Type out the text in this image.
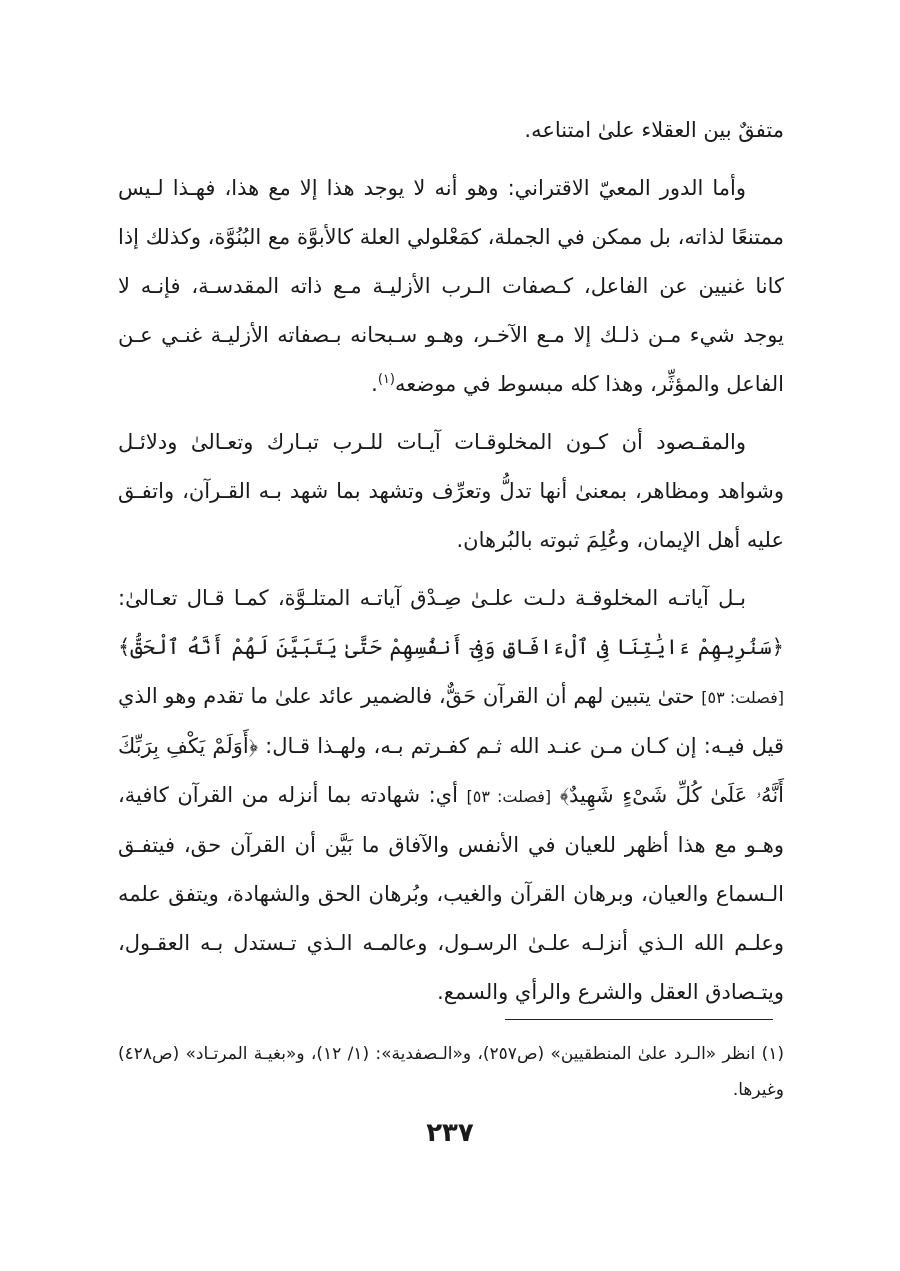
متفقٌ بين العقلاء علىٰ امتناعه.

وأما الدور المعيّ الاقتراني: وهو أنه لا يوجد هذا إلا مع هذا، فهـذا لـيس ممتنعًا لذاته، بل ممكن في الجملة، كمَعْلولي العلة كالأبوَّة مع البُنُوَّة، وكذلك إذا كانا غنيين عن الفاعل، كـصفات الـرب الأزليـة مـع ذاته المقدسـة، فإنـه لا يوجد شيء مـن ذلـك إلا مـع الآخـر، وهـو سـبحانه بـصفاته الأزليـة غنـي عـن الفاعل والمؤثِّر، وهذا كله مبسوط في موضعه$^{(١)}$.

والمقـصود أن كـون المخلوقـات آيـات للـرب تبـارك وتعـالىٰ ودلائـل وشواهد ومظاهر، بمعنىٰ أنها تدلُّ وتعرِّف وتشهد بما شهد بـه القـرآن، واتفـق عليه أهل الإيمان، وعُلِمَ ثبوته بالبُرهان.

بـل آياتـه المخلوقـة دلـت علـىٰ صِـدْق آياتـه المتلـوَّة، كمـا قـال تعـالىٰ: ﴿سَنُرِيهِمْ ءَايَٰتِنَا فِى ٱلْءَافَاقِ وَفِىٓ أَنفُسِهِمْ حَتَّىٰ يَتَبَيَّنَ لَهُمْ أَنَّهُ ٱلْحَقُّ﴾ [فصلت: ٥٣] حتىٰ يتبين لهم أن القرآن حَقٌّ، فالضمير عائد علىٰ ما تقدم وهو الذي قيل فيـه: إن كـان مـن عنـد الله ثـم كفـرتم بـه، ولهـذا قـال: ﴿أَوَلَمْ يَكْفِ بِرَبِّكَ أَنَّهُۥ عَلَىٰ كُلِّ شَىْءٍ شَهِيدٌ﴾ [فصلت: ٥٣] أي: شهادته بما أنزله من القرآن كافية، وهـو مع هذا أظهر للعيان في الأنفس والآفاق ما بَيَّن أن القرآن حق، فيتفـق الـسماع والعيان، وبرهان القرآن والغيب، وبُرهان الحق والشهادة، ويتفق علمه وعلـم الله الـذي أنزلـه علـىٰ الرسـول، وعالمـه الـذي تـستدل بـه العقـول، ويتـصادق العقل والشرع والرأي والسمع.

(١) انظر «الـرد علىٰ المنطقيين» (ص٢٥٧)، و«الـصفدية»: (١/ ١٢)، و«بغيـة المرتـاد» (ص٤٢٨) وغيرها.

٢٣٧
